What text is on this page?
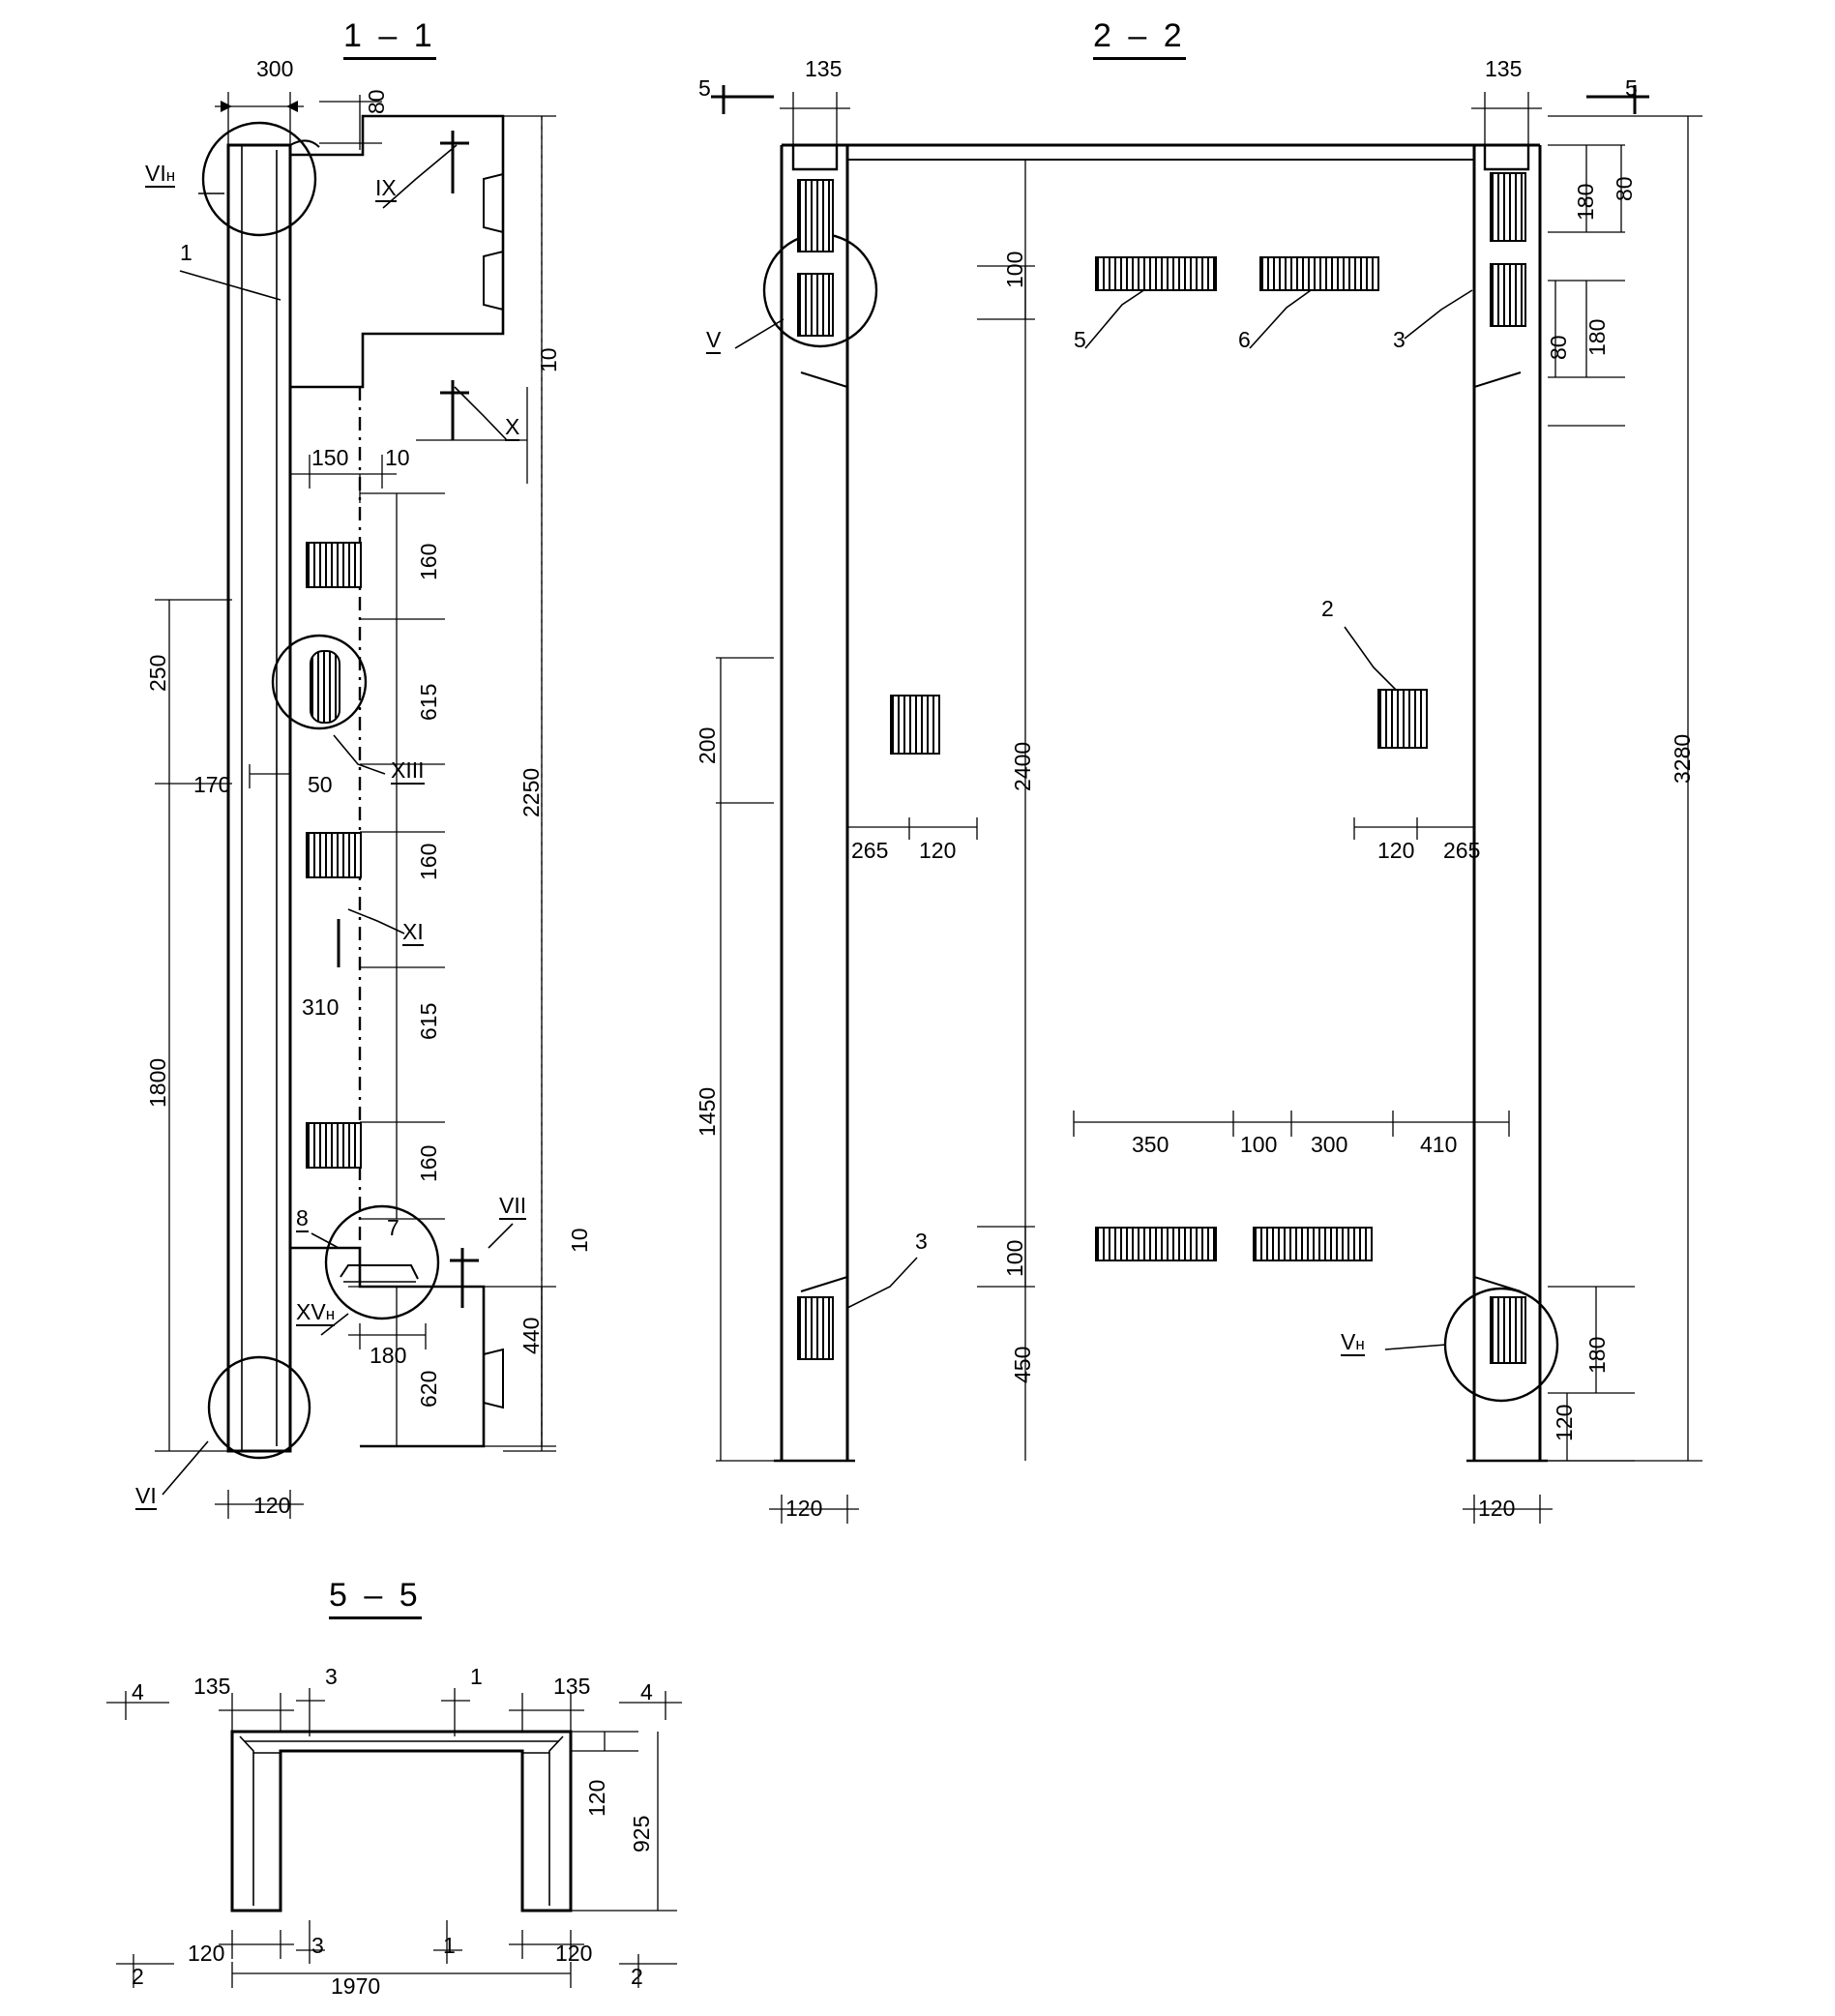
1 – 1	2 – 2
5 – 5
300
80
10
150 10
160
615
50
170
250
160
310	615
2250
1800
160
10
180
440
620
120
VIн
1
IX
X
XIII
XI
8	7
VII
XVн
VI
135	135
180 80
80 180
100
3280
2400
200
265 120	120 265
1450
350	100 300	410
100
450	180
120
120	120
5	5
V	5	6	3
2
3
Vн
135	135
120
925
120	120
1970
4
3	1
4
3	1
2	2
